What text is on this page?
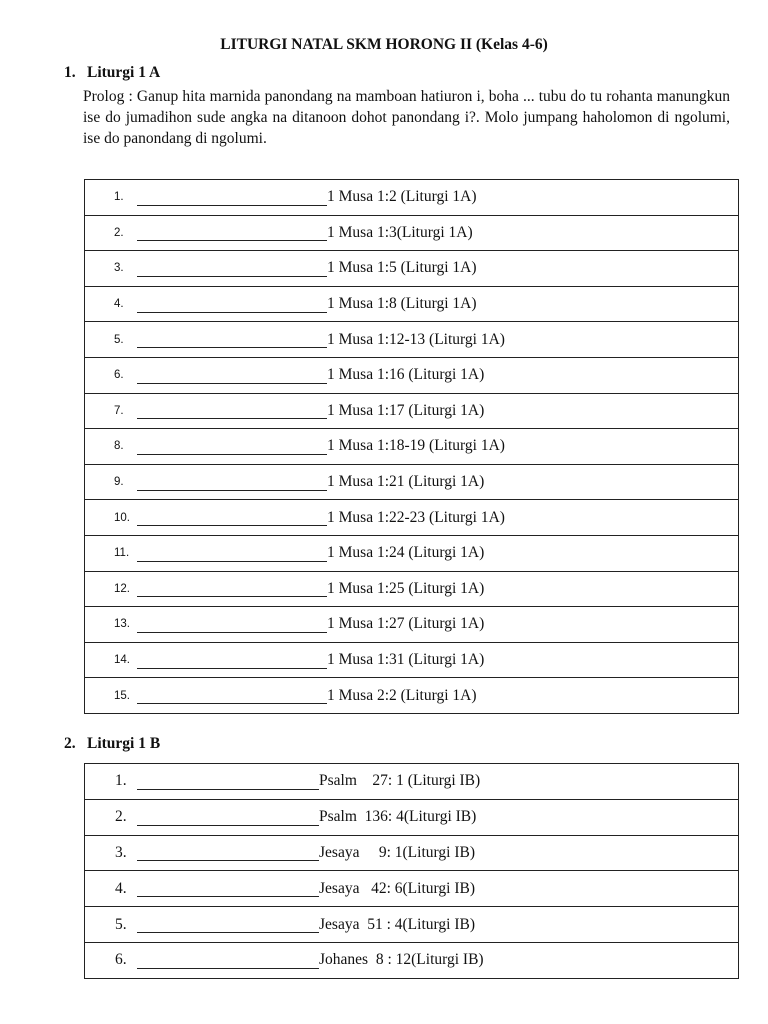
LITURGI NATAL SKM HORONG II (Kelas 4-6)
1. Liturgi 1 A
Prolog : Ganup hita marnida panondang na mamboan hatiuron i, boha ... tubu do tu rohanta manungkun ise do jumadihon sude angka na ditanoon dohot panondang i?. Molo jumpang haholomon di ngolumi, ise do panondang di ngolumi.
1.	1 Musa 1:2 (Liturgi 1A)

2.	1 Musa 1:3(Liturgi 1A)

3.	1 Musa 1:5 (Liturgi 1A)

4.	1 Musa 1:8 (Liturgi 1A)

5.	1 Musa 1:12-13 (Liturgi 1A)

6.	1 Musa 1:16 (Liturgi 1A)

7.	1 Musa 1:17 (Liturgi 1A)

8.	1 Musa 1:18-19 (Liturgi 1A)

9.	1 Musa 1:21 (Liturgi 1A)

10.	1 Musa 1:22-23 (Liturgi 1A)

11.	1 Musa 1:24 (Liturgi 1A)

12.	1 Musa 1:25 (Liturgi 1A)

13.	1 Musa 1:27 (Liturgi 1A)

14.	1 Musa 1:31 (Liturgi 1A)

15.	1 Musa 2:2 (Liturgi 1A)
2. Liturgi 1 B
1.	Psalm    27: 1 (Liturgi IB)

2.	Psalm  136: 4(Liturgi IB)

3.	Jesaya     9: 1(Liturgi IB)

4.	Jesaya   42: 6(Liturgi IB)

5.	Jesaya  51 : 4(Liturgi IB)

6.	Johanes  8 : 12(Liturgi IB)
